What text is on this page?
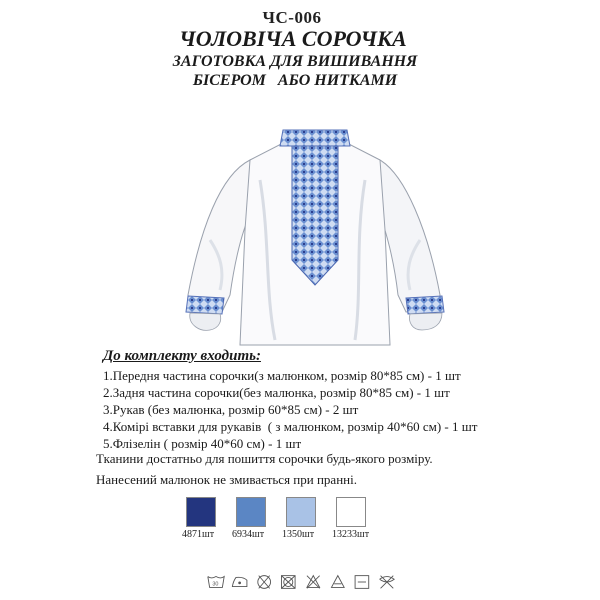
ЧС-006
ЧОЛОВІЧА СОРОЧКА
ЗАГОТОВКА ДЛЯ ВИШИВАННЯ
БІСЕРОМ   АБО НИТКАМИ
До комплекту входить:
1.Передня частина сорочки(з малюнком, розмір 80*85 см) - 1 шт
2.Задня частина сорочки(без малюнка, розмір 80*85 см) - 1 шт
3.Рукав (без малюнка, розмір 60*85 см) - 2 шт
4.Комірі вставки для рукавів  ( з малюнком, розмір 40*60 см) - 1 шт
5.Флізелін ( розмір 40*60 см) - 1 шт
Тканини достатньо для пошиття сорочки будь-якого розміру.
Нанесений малюнок не змивається при пранні.
4871шт 6934шт 1350шт 13233шт
30
